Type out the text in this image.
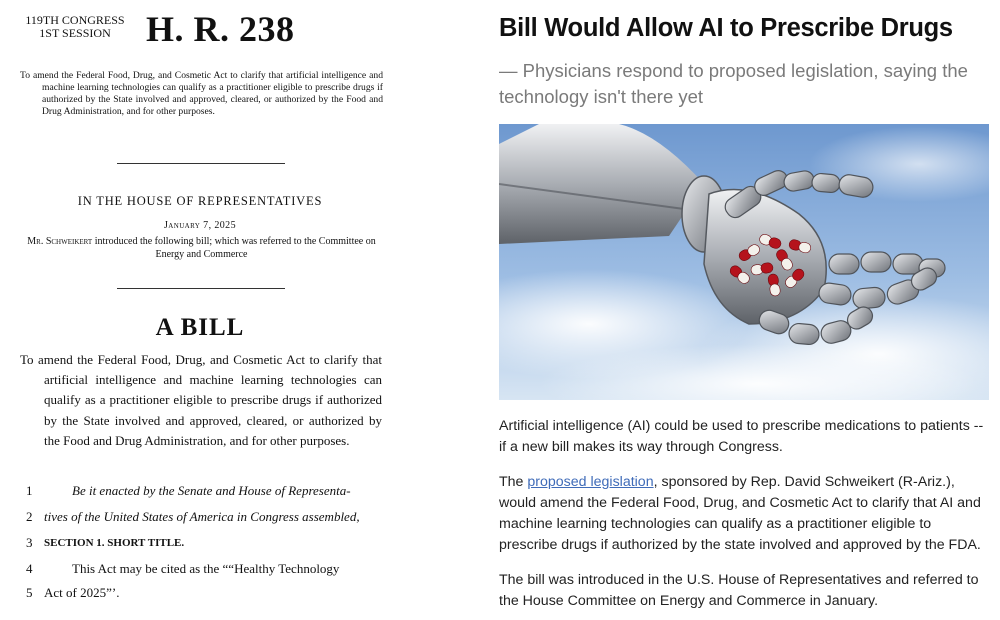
119TH CONGRESS
1ST SESSION H. R. 238
To amend the Federal Food, Drug, and Cosmetic Act to clarify that artificial intelligence and machine learning technologies can qualify as a practitioner eligible to prescribe drugs if authorized by the State involved and approved, cleared, or authorized by the Food and Drug Administration, and for other purposes.
IN THE HOUSE OF REPRESENTATIVES
January 7, 2025
Mr. Schweikert introduced the following bill; which was referred to the Committee on Energy and Commerce
A BILL
To amend the Federal Food, Drug, and Cosmetic Act to clarify that artificial intelligence and machine learning technologies can qualify as a practitioner eligible to prescribe drugs if authorized by the State involved and approved, cleared, or authorized by the Food and Drug Administration, and for other purposes.
1	Be it enacted by the Senate and House of Representa-
2 tives of the United States of America in Congress assembled,
3	SECTION 1. SHORT TITLE.
4	This Act may be cited as the ““Healthy Technology
5 Act of 2025”’.
Bill Would Allow AI to Prescribe Drugs
— Physicians respond to proposed legislation, saying the technology isn't there yet

Artificial intelligence (AI) could be used to prescribe medications to patients -- if a new bill makes its way through Congress.

The proposed legislation, sponsored by Rep. David Schweikert (R-Ariz.), would amend the Federal Food, Drug, and Cosmetic Act to clarify that AI and machine learning technologies can qualify as a practitioner eligible to prescribe drugs if authorized by the state involved and approved by the FDA.

The bill was introduced in the U.S. House of Representatives and referred to the House Committee on Energy and Commerce in January.
